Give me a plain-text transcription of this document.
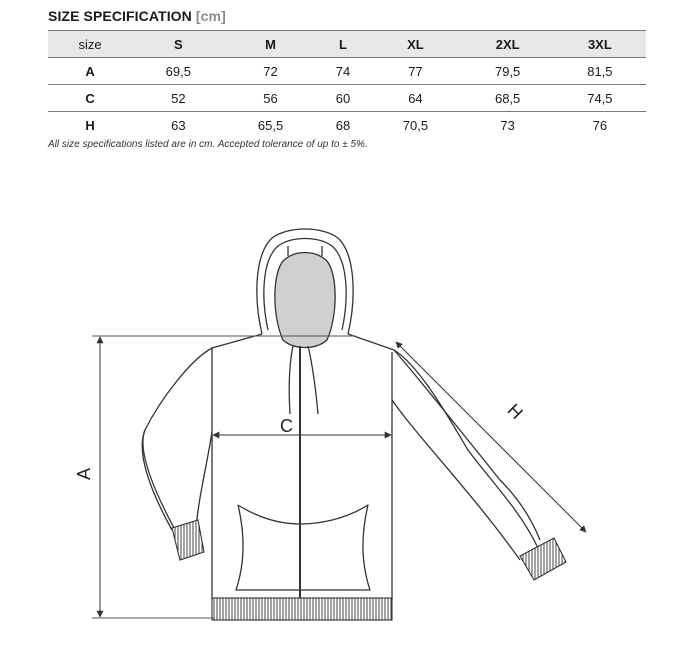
SIZE SPECIFICATION [cm]
size	S	M	L	XL	2XL	3XL
A	69,5	72	74	77	79,5	81,5
C	52	56	60	64	68,5	74,5
H	63	65,5	68	70,5	73	76
All size specifications listed are in cm. Accepted tolerance of up to ± 5%.
A
C
H
